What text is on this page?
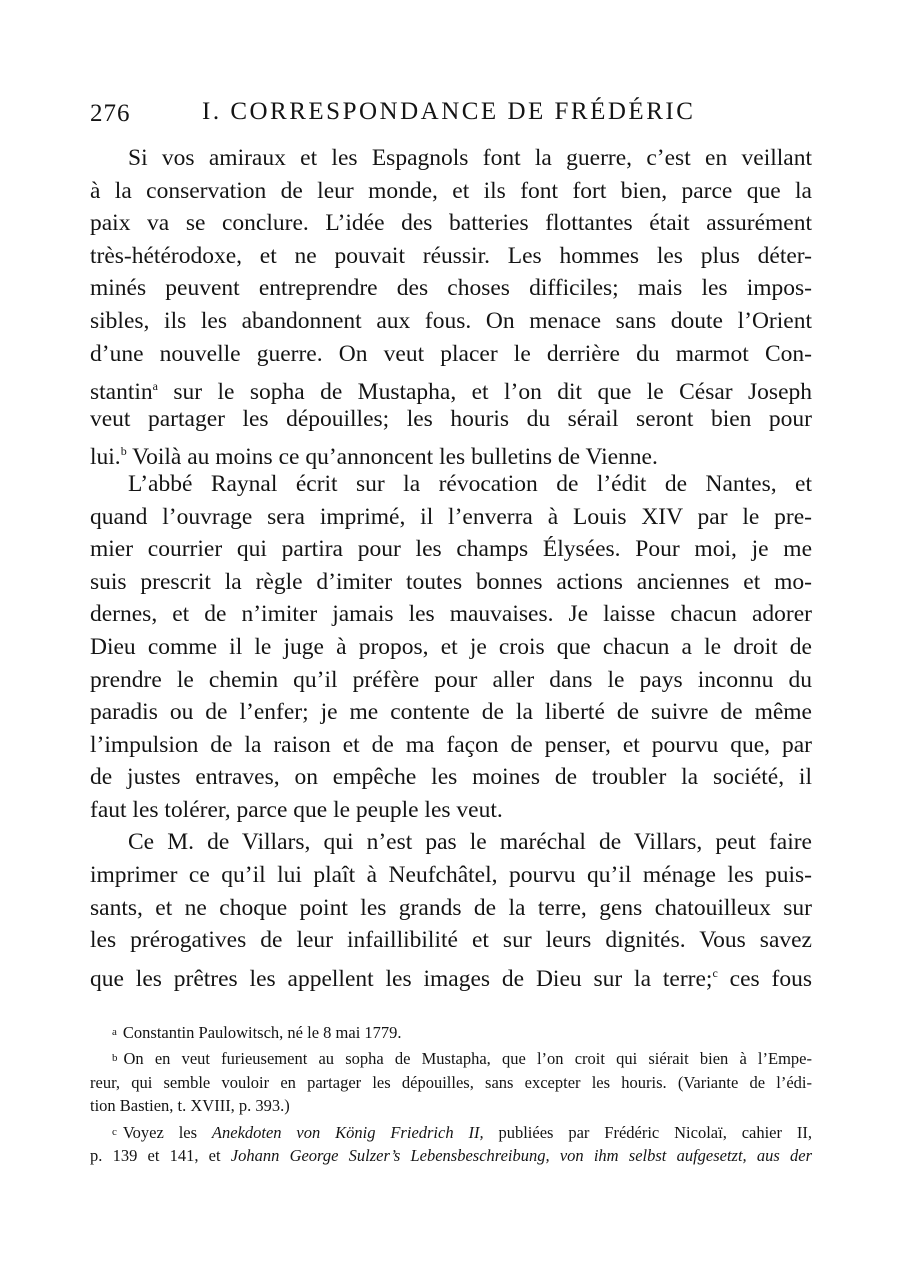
276	I. CORRESPONDANCE DE FRÉDÉRIC
Si vos amiraux et les Espagnols font la guerre, c’est en veillant
à la conservation de leur monde, et ils font fort bien, parce que la
paix va se conclure. L’idée des batteries flottantes était assurément
très-hétérodoxe, et ne pouvait réussir. Les hommes les plus déter-
minés peuvent entreprendre des choses difficiles; mais les impos-
sibles, ils les abandonnent aux fous. On menace sans doute l’Orient
d’une nouvelle guerre. On veut placer le derrière du marmot Con-
stantin$^a$ sur le sopha de Mustapha, et l’on dit que le César Joseph
veut partager les dépouilles; les houris du sérail seront bien pour
lui.$^b$ Voilà au moins ce qu’annoncent les bulletins de Vienne.
L’abbé Raynal écrit sur la révocation de l’édit de Nantes, et
quand l’ouvrage sera imprimé, il l’enverra à Louis XIV par le pre-
mier courrier qui partira pour les champs Élysées. Pour moi, je me
suis prescrit la règle d’imiter toutes bonnes actions anciennes et mo-
dernes, et de n’imiter jamais les mauvaises. Je laisse chacun adorer
Dieu comme il le juge à propos, et je crois que chacun a le droit de
prendre le chemin qu’il préfère pour aller dans le pays inconnu du
paradis ou de l’enfer; je me contente de la liberté de suivre de même
l’impulsion de la raison et de ma façon de penser, et pourvu que, par
de justes entraves, on empêche les moines de troubler la société, il
faut les tolérer, parce que le peuple les veut.
Ce M. de Villars, qui n’est pas le maréchal de Villars, peut faire
imprimer ce qu’il lui plaît à Neufchâtel, pourvu qu’il ménage les puis-
sants, et ne choque point les grands de la terre, gens chatouilleux sur
les prérogatives de leur infaillibilité et sur leurs dignités. Vous savez
que les prêtres les appellent les images de Dieu sur la terre;$^c$ ces fous
a Constantin Paulowitsch, né le 8 mai 1779.
b On en veut furieusement au sopha de Mustapha, que l’on croit qui siérait bien à l’Empe-
reur, qui semble vouloir en partager les dépouilles, sans excepter les houris. (Variante de l’édi-
tion Bastien, t. XVIII, p. 393.)
c Voyez les Anekdoten von König Friedrich II, publiées par Frédéric Nicolaï, cahier II,
p. 139 et 141, et Johann George Sulzer’s Lebensbeschreibung, von ihm selbst aufgesetzt, aus der
